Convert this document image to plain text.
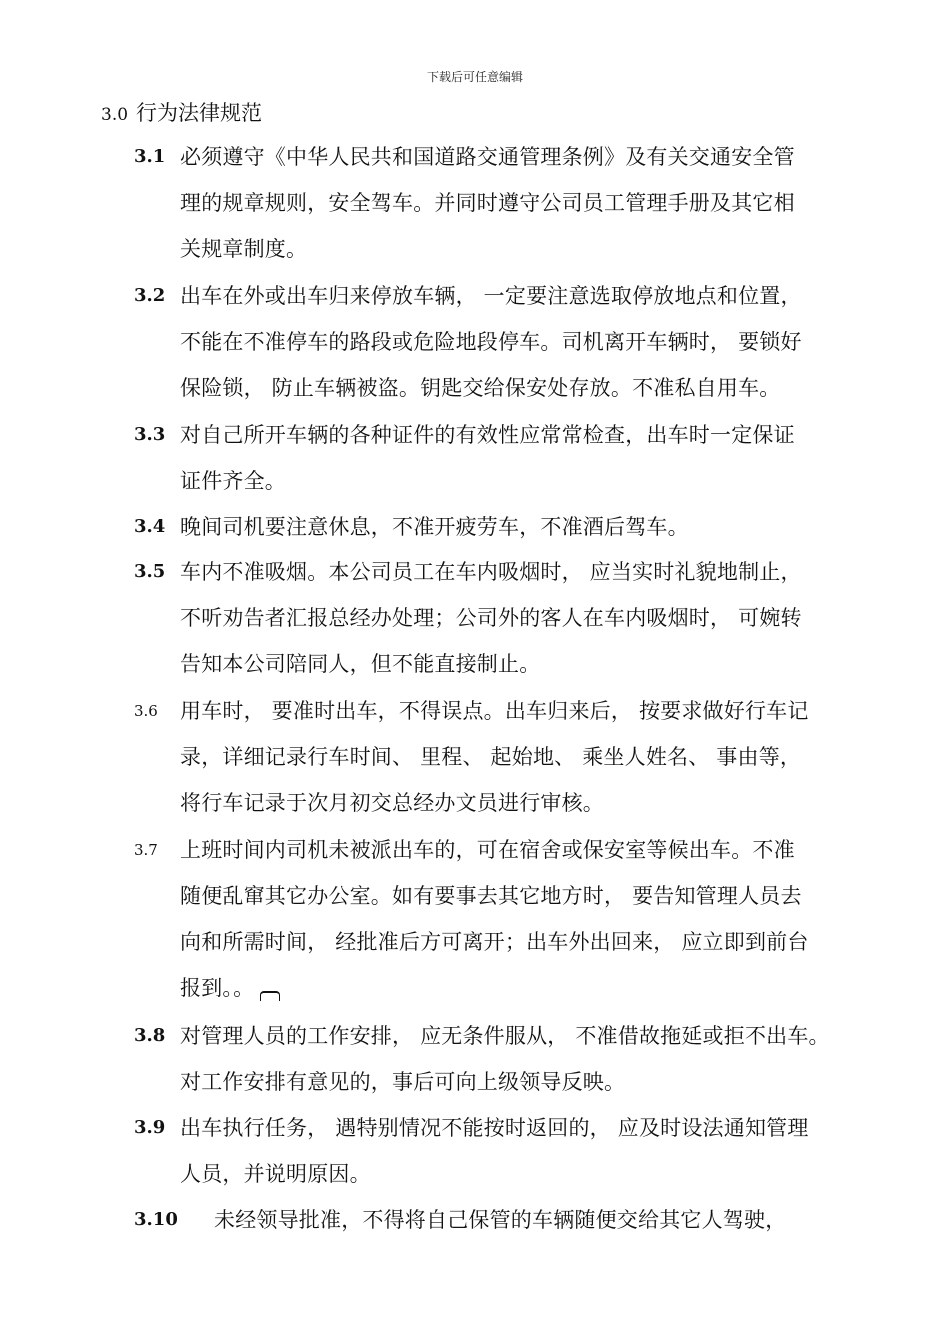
下载后可任意编辑
3.0 行为法律规范
3.1 必须遵守《中华人民共和国道路交通管理条例》及有关交通安全管
理的规章规则，安全驾车。并同时遵守公司员工管理手册及其它相
关规章制度。
3.2 出车在外或出车归来停放车辆， 一定要注意选取停放地点和位置，
不能在不准停车的路段或危险地段停车。司机离开车辆时， 要锁好
保险锁， 防止车辆被盗。钥匙交给保安处存放。不准私自用车。
3.3 对自己所开车辆的各种证件的有效性应常常检查，出车时一定保证
证件齐全。
3.4 晚间司机要注意休息，不准开疲劳车，不准酒后驾车。
3.5 车内不准吸烟。本公司员工在车内吸烟时， 应当实时礼貌地制止，
不听劝告者汇报总经办处理；公司外的客人在车内吸烟时， 可婉转
告知本公司陪同人，但不能直接制止。
3.6 用车时， 要准时出车，不得误点。出车归来后， 按要求做好行车记
录，详细记录行车时间、 里程、 起始地、 乘坐人姓名、 事由等，
将行车记录于次月初交总经办文员进行审核。
3.7 上班时间内司机未被派出车的，可在宿舍或保安室等候出车。不准
随便乱窜其它办公室。如有要事去其它地方时， 要告知管理人员去
向和所需时间， 经批准后方可离开；出车外出回来， 应立即到前台
报到。。
3.8 对管理人员的工作安排， 应无条件服从， 不准借故拖延或拒不出车。
对工作安排有意见的，事后可向上级领导反映。
3.9 出车执行任务， 遇特别情况不能按时返回的， 应及时设法通知管理
人员，并说明原因。
3.10 未经领导批准，不得将自己保管的车辆随便交给其它人驾驶，
